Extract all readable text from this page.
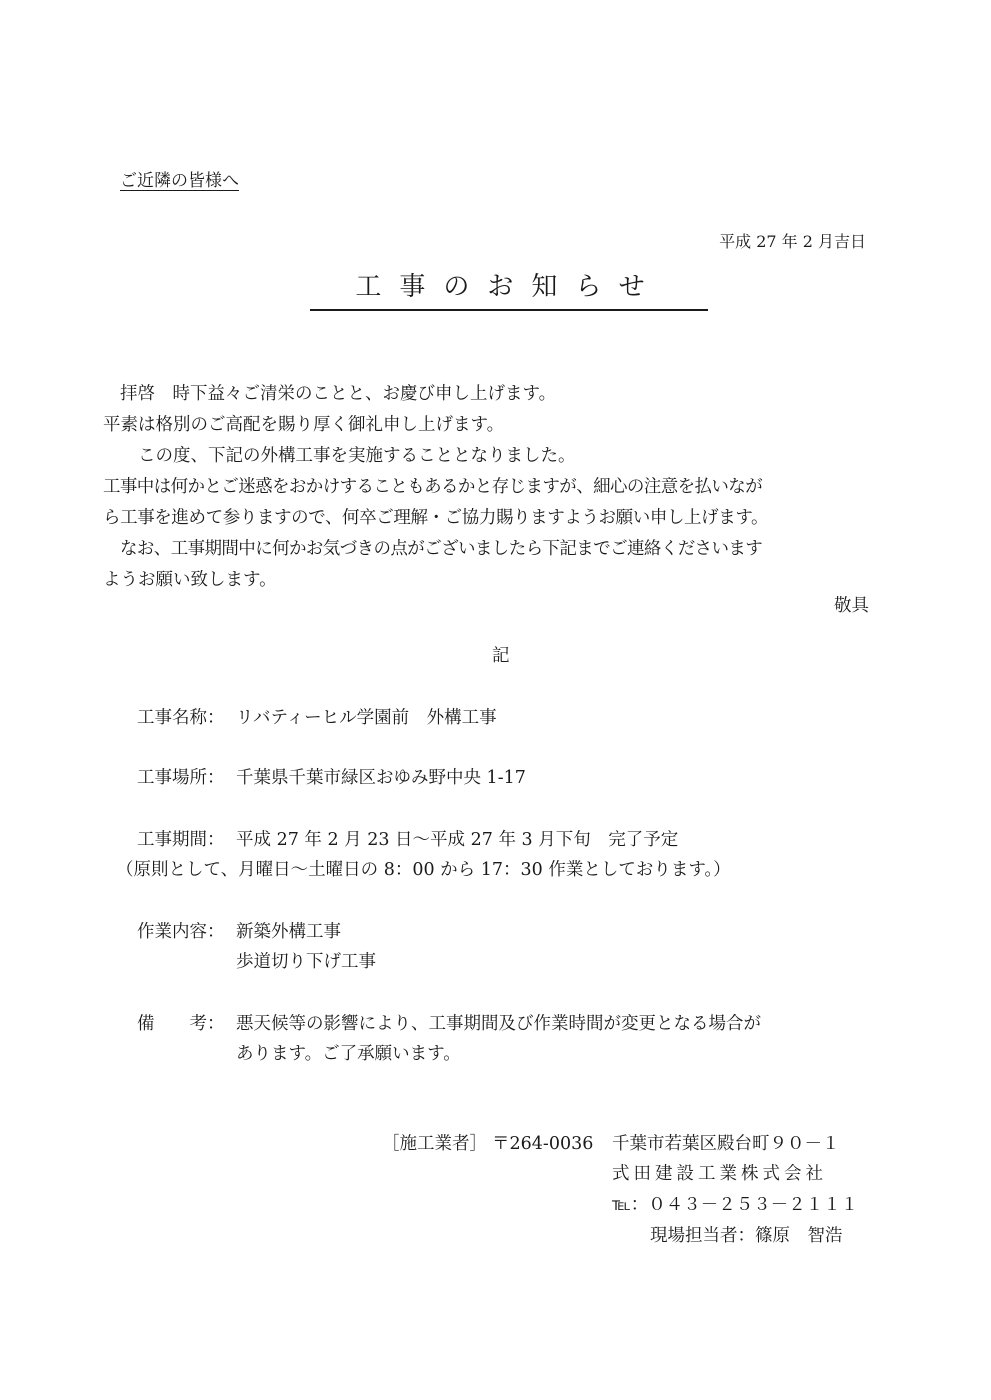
ご近隣の皆様へ
平成 27 年 2 月吉日
工事のお知らせ
拝啓　時下益々ご清栄のことと、お慶び申し上げます。
平素は格別のご高配を賜り厚く御礼申し上げます。
この度、下記の外構工事を実施することとなりました。
工事中は何かとご迷惑をおかけすることもあるかと存じますが、細心の注意を払いなが
ら工事を進めて参りますので、何卒ご理解・ご協力賜りますようお願い申し上げます。
なお、工事期間中に何かお気づきの点がございましたら下記までご連絡くださいます
ようお願い致します。
敬具
記
工事名称： リバティーヒル学園前　外構工事
工事場所： 千葉県千葉市緑区おゆみ野中央 1-17
工事期間： 平成 27 年 2 月 23 日～平成 27 年 3 月下旬　完了予定
（原則として、月曜日～土曜日の 8：00 から 17：30 作業としております。）
作業内容： 新築外構工事
歩道切り下げ工事
備　　考： 悪天候等の影響により、工事期間及び作業時間が変更となる場合が
あります。ご了承願います。
［施工業者］ 〒264-0036 千葉市若葉区殿台町９０－１
式田建設工業株式会社
℡：０４３－２５３－２１１１
現場担当者：篠原　智浩
